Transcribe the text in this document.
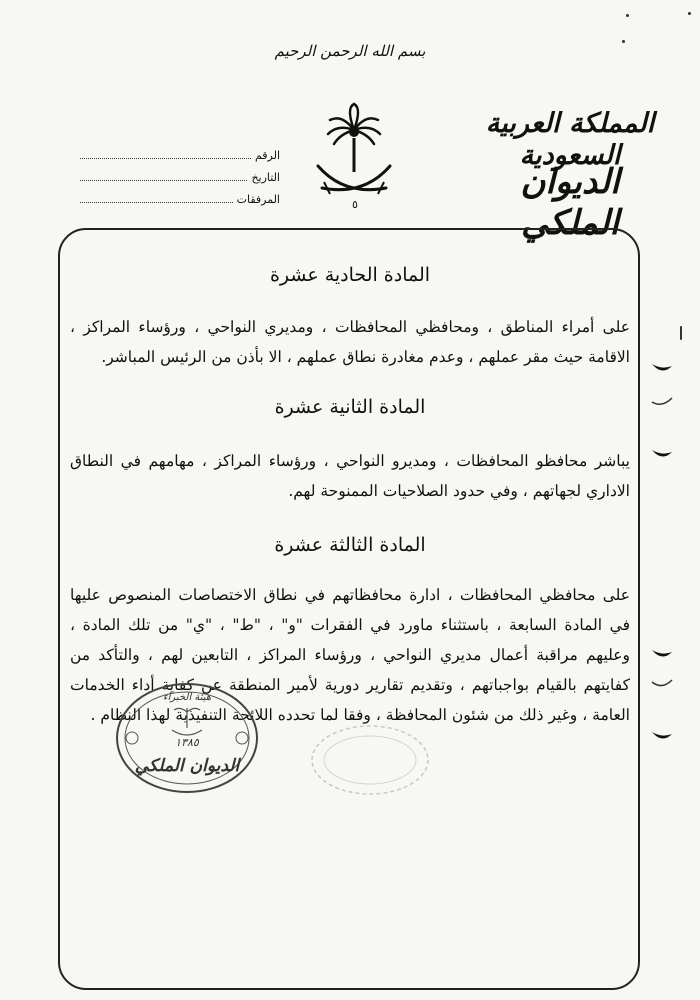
بسم الله الرحمن الرحيم
المملكة العربية السعودية
الديوان الملكي
٥
الرقم
التاريخ
المرفقات
المادة الحادية عشرة

على أمراء المناطق ، ومحافظي المحافظات ، ومديري النواحي ، ورؤساء المراكز ، الاقامة حيث مقر عملهم ، وعدم مغادرة نطاق عملهم ، الا بأذن من الرئيس المباشر.

المادة الثانية عشرة

يباشر محافظو المحافظات ، ومديرو النواحي ، ورؤساء المراكز ، مهامهم في النطاق الاداري لجهاتهم ، وفي حدود الصلاحيات الممنوحة لهم.

المادة الثالثة عشرة

على محافظي المحافظات ، ادارة محافظاتهم في نطاق الاختصاصات المنصوص عليها في المادة السابعة ، باستثناء ماورد في الفقرات "و" ، "ط" ، "ي" من تلك المادة ، وعليهم مراقبة أعمال مديري النواحي ، ورؤساء المراكز ، التابعين لهم ، والتأكد من كفايتهم بالقيام بواجباتهم ، وتقديم تقارير دورية لأمير المنطقة عن كفاية أداء الخدمات العامة ، وغير ذلك من شئون المحافظة ، وفقا لما تحدده اللائحة التنفيذية لهذا النظام .

هيئة الخبراء
١٣٨٥
الديوان الملكي
